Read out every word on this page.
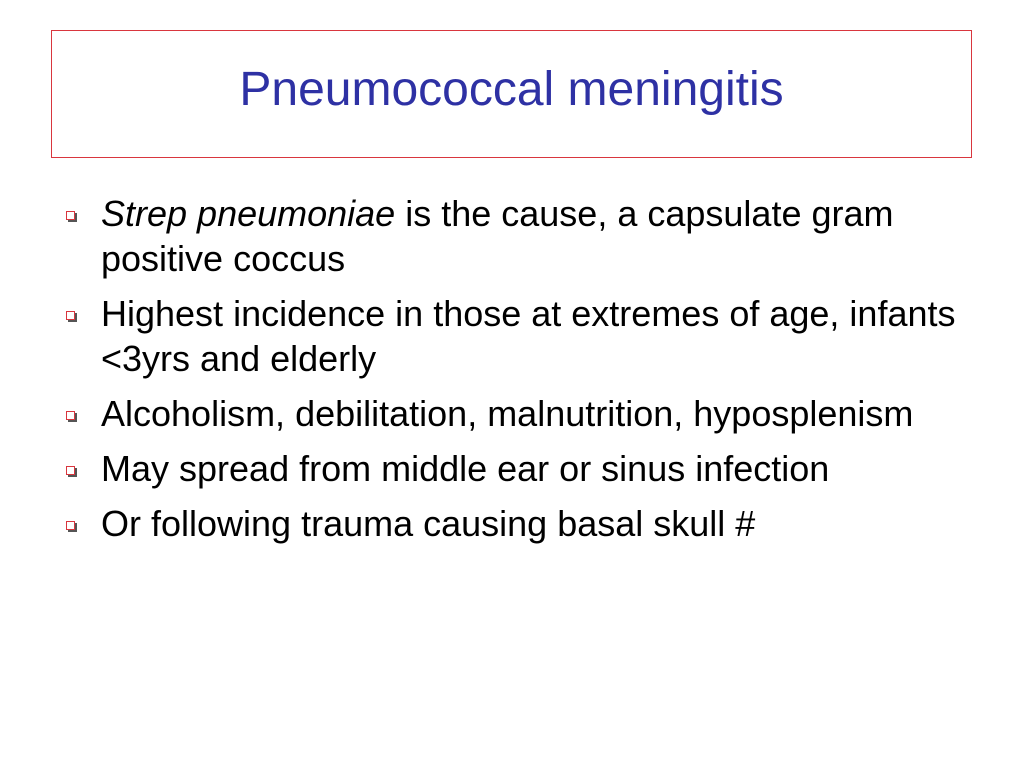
Pneumococcal meningitis
Strep pneumoniae is the cause, a capsulate gram positive coccus
Highest incidence in those at extremes of age, infants <3yrs and elderly
Alcoholism, debilitation, malnutrition, hyposplenism
May spread from middle ear or sinus infection
Or following trauma causing basal skull #
